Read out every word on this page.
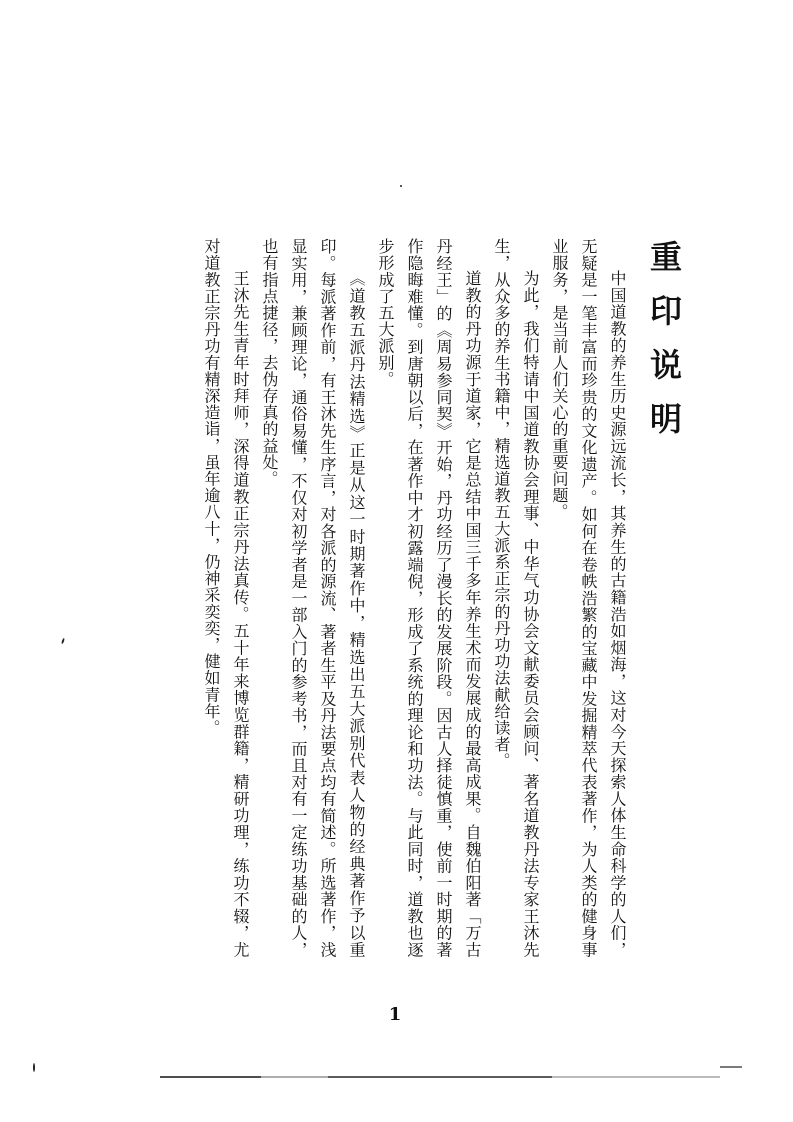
重印说明

中国道教的养生历史源远流长，其养生的古籍浩如烟海，这对今天探索人体生命科学的人们，无疑是一笔丰富而珍贵的文化遗产。如何在卷帙浩繁的宝藏中发掘精萃代表著作，为人类的健身事业服务，是当前人们关心的重要问题。

为此，我们特请中国道教协会理事、中华气功协会文献委员会顾问、著名道教丹法专家王沐先生，从众多的养生书籍中，精选道教五大派系正宗的丹功功法献给读者。

道教的丹功源于道家，它是总结中国三千多年养生术而发展成的最高成果。自魏伯阳著「万古丹经王」的《周易参同契》开始，丹功经历了漫长的发展阶段。因古人择徒慎重，使前一时期的著作隐晦难懂。到唐朝以后，在著作中才初露端倪，形成了系统的理论和功法。与此同时，道教也逐步形成了五大派别。

《道教五派丹法精选》正是从这一时期著作中，精选出五大派别代表人物的经典著作予以重印。每派著作前，有王沐先生序言，对各派的源流、著者生平及丹法要点均有简述。所选著作，浅显实用，兼顾理论，通俗易懂，不仅对初学者是一部入门的参考书，而且对有一定练功基础的人，也有指点捷径，去伪存真的益处。

王沐先生青年时拜师，深得道教正宗丹法真传。五十年来博览群籍，精研功理，练功不辍，尤对道教正宗丹功有精深造诣，虽年逾八十，仍神采奕奕，健如青年。

1
